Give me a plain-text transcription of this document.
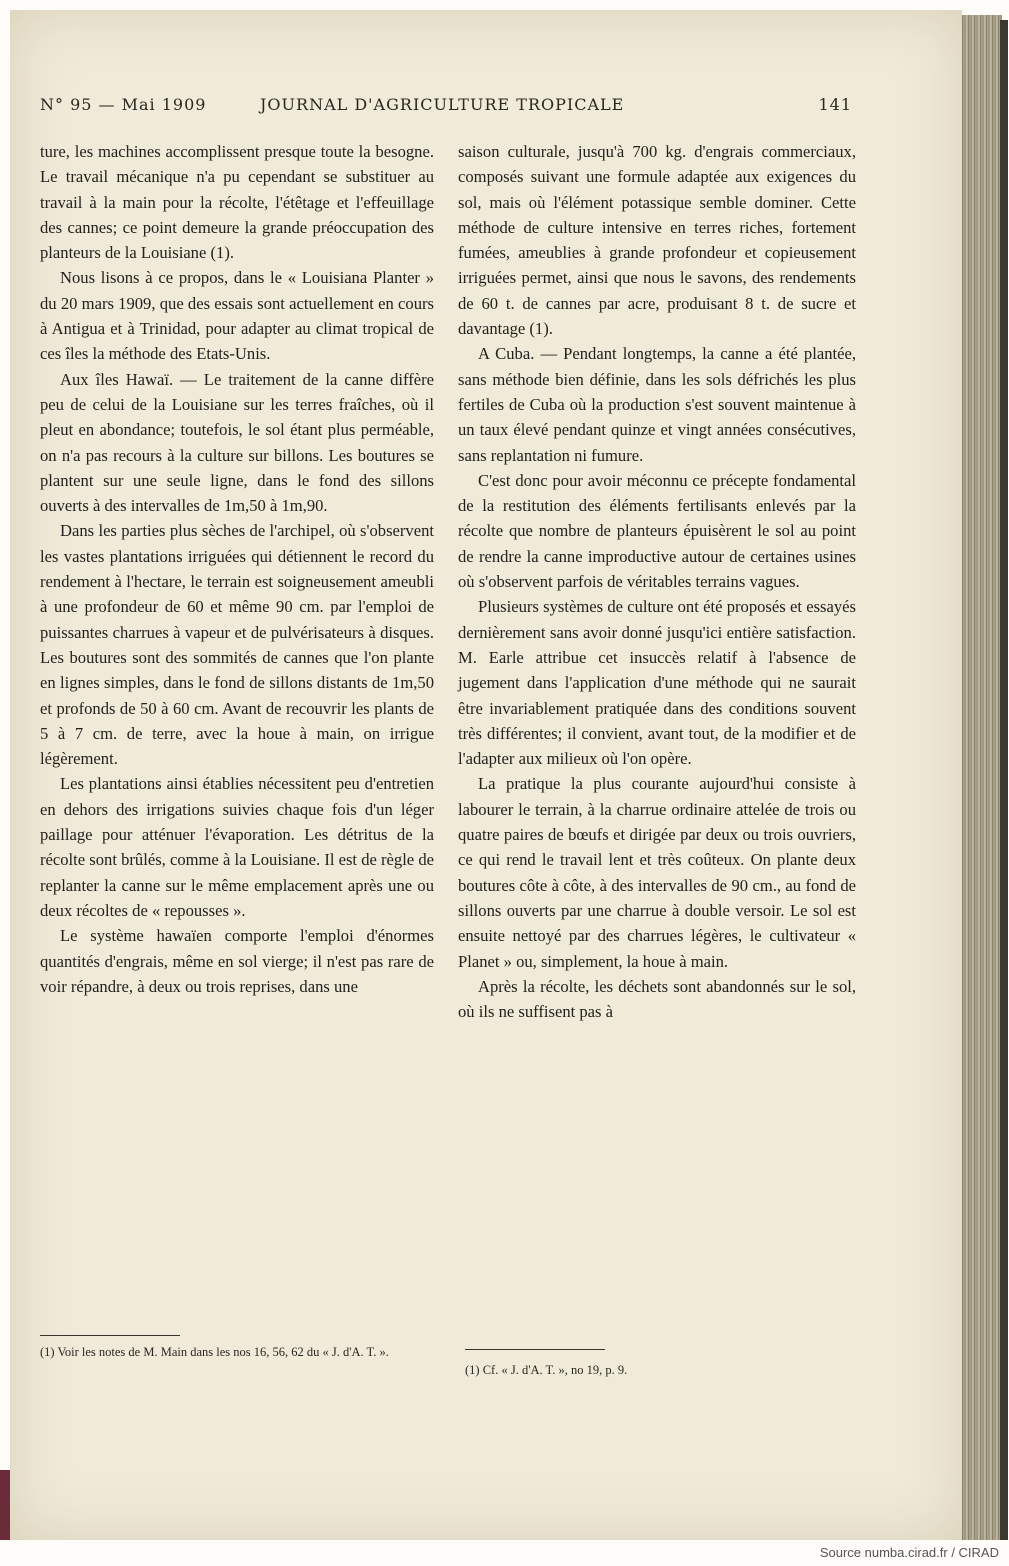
N° 95 — Mai 1909	JOURNAL D'AGRICULTURE TROPICALE	141

ture, les machines accomplissent presque toute la besogne. Le travail mécanique n'a pu cependant se substituer au travail à la main pour la récolte, l'étêtage et l'effeuillage des cannes; ce point demeure la grande préoccupation des planteurs de la Louisiane (1).

Nous lisons à ce propos, dans le « Louisiana Planter » du 20 mars 1909, que des essais sont actuellement en cours à Antigua et à Trinidad, pour adapter au climat tropical de ces îles la méthode des Etats-Unis.

Aux îles Hawaï. — Le traitement de la canne diffère peu de celui de la Louisiane sur les terres fraîches, où il pleut en abondance; toutefois, le sol étant plus perméable, on n'a pas recours à la culture sur billons. Les boutures se plantent sur une seule ligne, dans le fond des sillons ouverts à des intervalles de 1m,50 à 1m,90.

Dans les parties plus sèches de l'archipel, où s'observent les vastes plantations irriguées qui détiennent le record du rendement à l'hectare, le terrain est soigneusement ameubli à une profondeur de 60 et même 90 cm. par l'emploi de puissantes charrues à vapeur et de pulvérisateurs à disques. Les boutures sont des sommités de cannes que l'on plante en lignes simples, dans le fond de sillons distants de 1m,50 et profonds de 50 à 60 cm. Avant de recouvrir les plants de 5 à 7 cm. de terre, avec la houe à main, on irrigue légèrement.

Les plantations ainsi établies nécessitent peu d'entretien en dehors des irrigations suivies chaque fois d'un léger paillage pour atténuer l'évaporation. Les détritus de la récolte sont brûlés, comme à la Louisiane. Il est de règle de replanter la canne sur le même emplacement après une ou deux récoltes de « repousses ».

Le système hawaïen comporte l'emploi d'énormes quantités d'engrais, même en sol vierge; il n'est pas rare de voir répandre, à deux ou trois reprises, dans une

saison culturale, jusqu'à 700 kg. d'engrais commerciaux, composés suivant une formule adaptée aux exigences du sol, mais où l'élément potassique semble dominer. Cette méthode de culture intensive en terres riches, fortement fumées, ameublies à grande profondeur et copieusement irriguées permet, ainsi que nous le savons, des rendements de 60 t. de cannes par acre, produisant 8 t. de sucre et davantage (1).

A Cuba. — Pendant longtemps, la canne a été plantée, sans méthode bien définie, dans les sols défrichés les plus fertiles de Cuba où la production s'est souvent maintenue à un taux élevé pendant quinze et vingt années consécutives, sans replantation ni fumure.

C'est donc pour avoir méconnu ce précepte fondamental de la restitution des éléments fertilisants enlevés par la récolte que nombre de planteurs épuisèrent le sol au point de rendre la canne improductive autour de certaines usines où s'observent parfois de véritables terrains vagues.

Plusieurs systèmes de culture ont été proposés et essayés dernièrement sans avoir donné jusqu'ici entière satisfaction. M. Earle attribue cet insuccès relatif à l'absence de jugement dans l'application d'une méthode qui ne saurait être invariablement pratiquée dans des conditions souvent très différentes; il convient, avant tout, de la modifier et de l'adapter aux milieux où l'on opère.

La pratique la plus courante aujourd'hui consiste à labourer le terrain, à la charrue ordinaire attelée de trois ou quatre paires de bœufs et dirigée par deux ou trois ouvriers, ce qui rend le travail lent et très coûteux. On plante deux boutures côte à côte, à des intervalles de 90 cm., au fond de sillons ouverts par une charrue à double versoir. Le sol est ensuite nettoyé par des charrues légères, le cultivateur « Planet » ou, simplement, la houe à main.

Après la récolte, les déchets sont abandonnés sur le sol, où ils ne suffisent pas à

(1) Voir les notes de M. Main dans les nos 16, 56, 62 du « J. d'A. T. ».
(1) Cf. « J. d'A. T. », no 19, p. 9.
Source numba.cirad.fr / CIRAD
